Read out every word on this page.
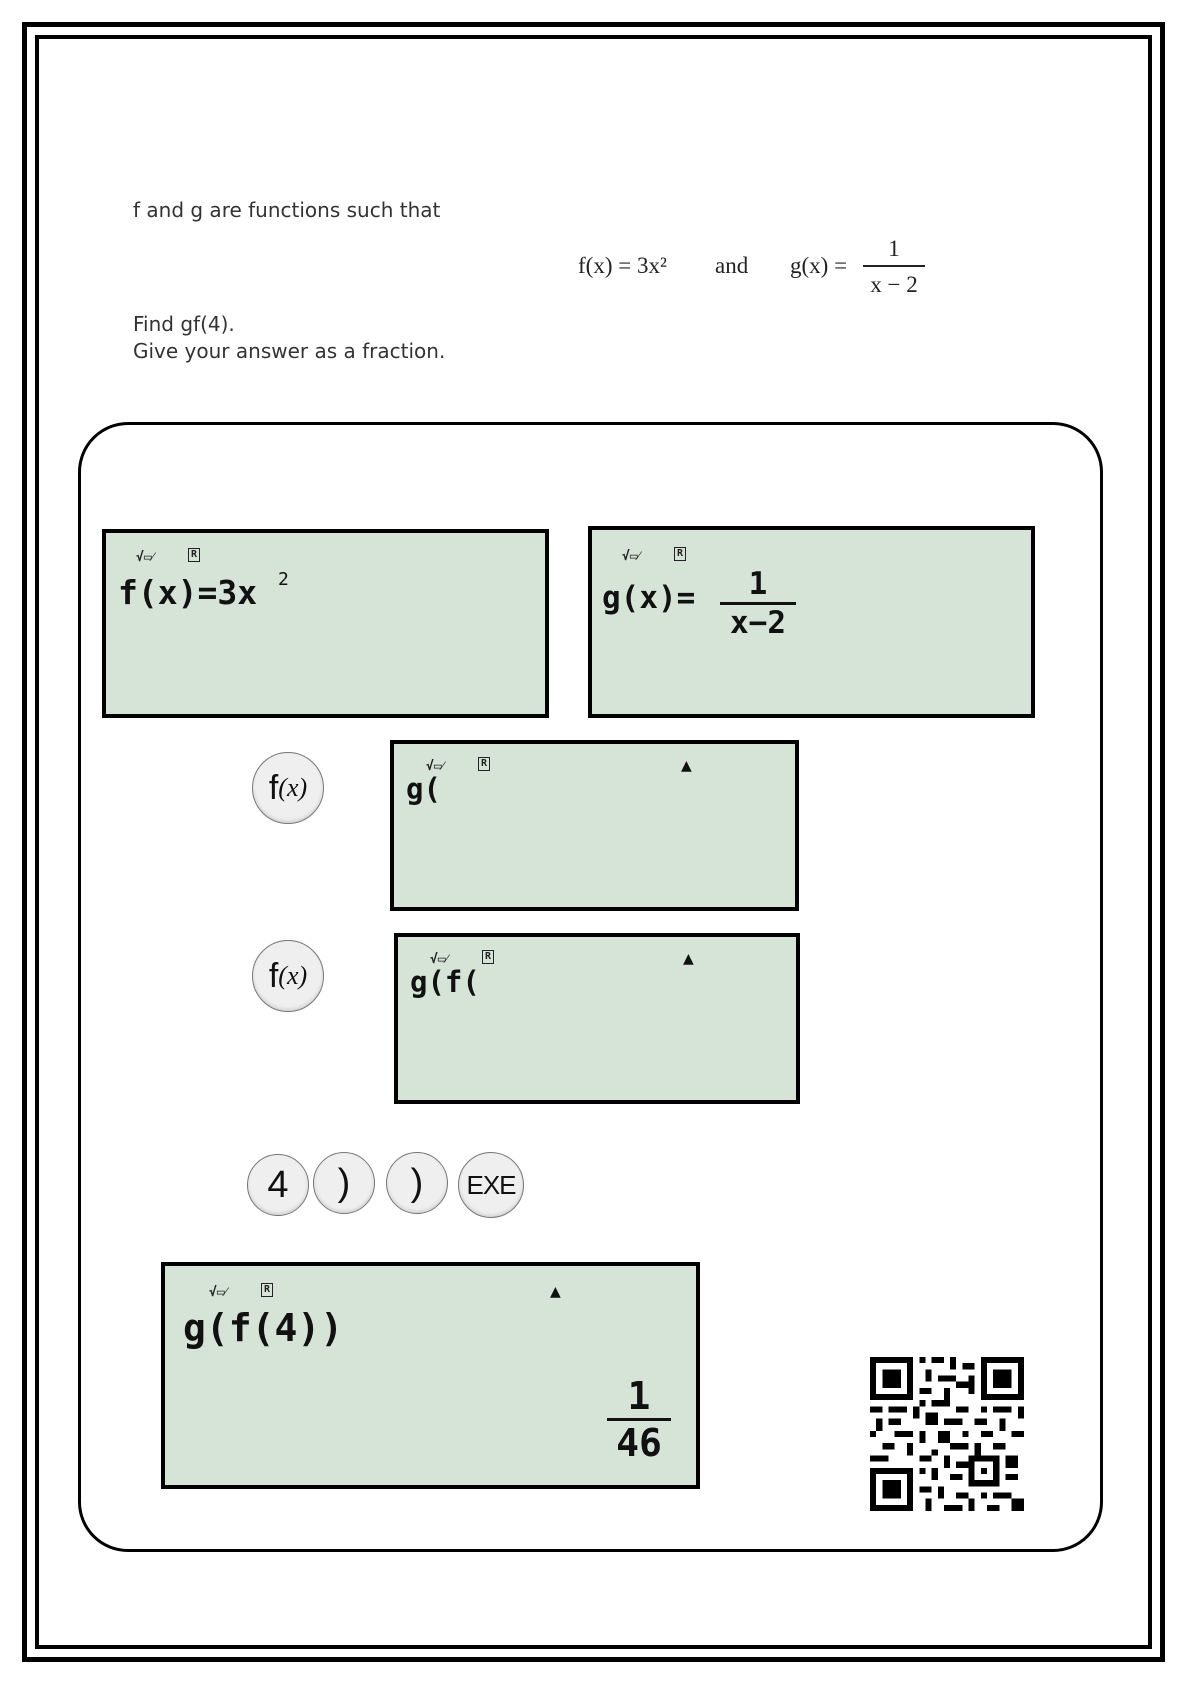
f and g are functions such that
f(x) = 3x² and g(x) =
1
x − 2
Find gf(4).
Give your answer as a fraction.
√▭⁄	R
f(x)=3x 2
√▭⁄	R
g(x)=	1
x−2
f (x)
√▭⁄	R	▲
g(
f (x)
√▭⁄	R	▲
g(f(
4	)	)	EXE
√▭⁄	R	▲
g(f(4))
1
46
